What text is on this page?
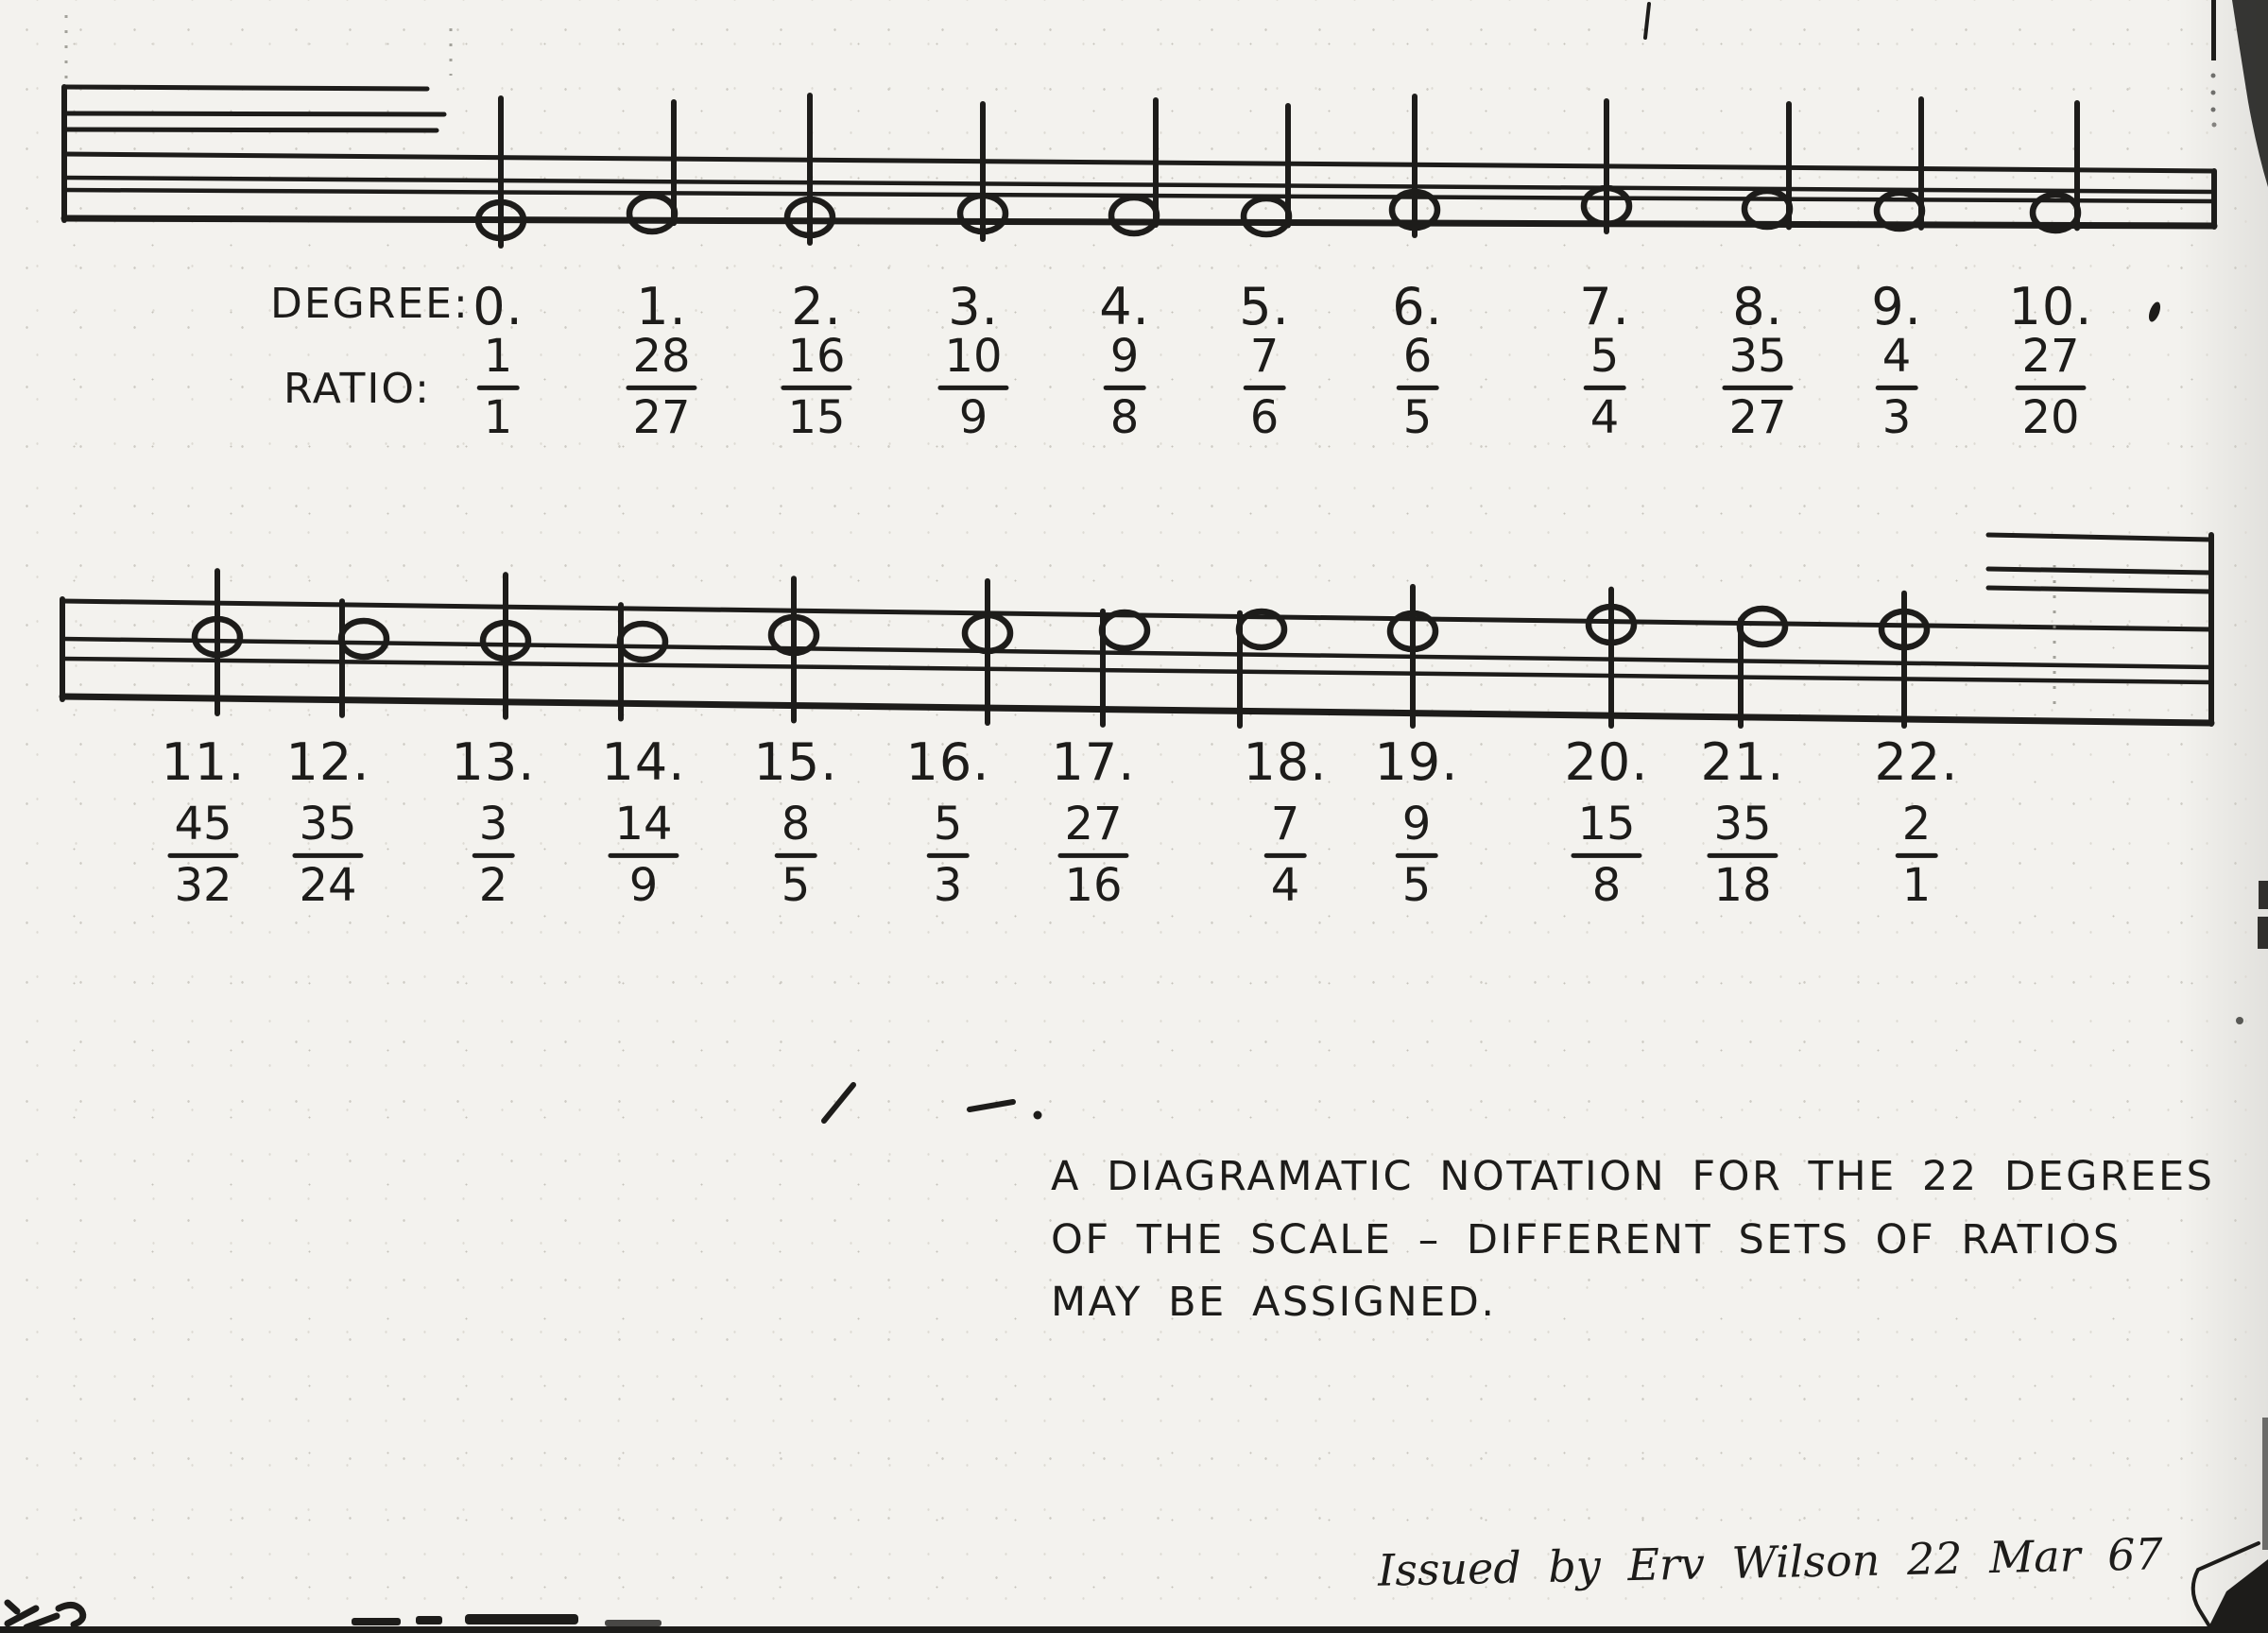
DEGREE:
RATIO:
0.
1
1
1.
28
27
2.
16
15
3.
10
9
4.
9
8
5.
7
6
6.
6
5
7.
5
4
8.
35
27
9.
4
3
10.
27
20
11.
45
32
12.
35
24
13.
3
2
14.
14
9
15.
8
5
16.
5
3
17.
27
16
18.
7
4
19.
9
5
20.
15
8
21.
35
18
22.
2
1
A DIAGRAMATIC NOTATION FOR THE 22 DEGREES
OF THE SCALE – DIFFERENT SETS OF RATIOS
MAY BE ASSIGNED.
Issued by Erv Wilson 22 Mar 67
